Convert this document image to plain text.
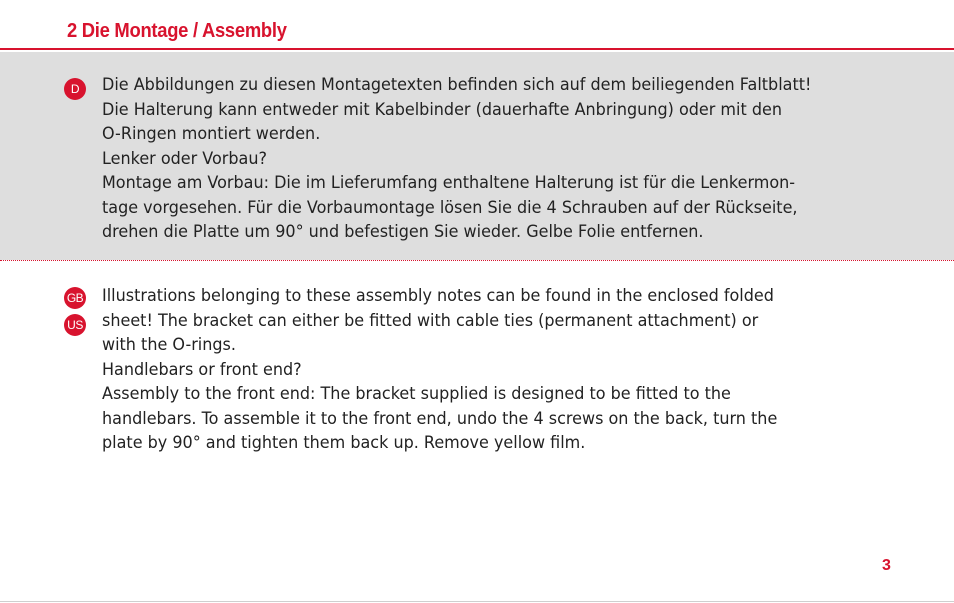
2 Die Montage / Assembly
D	Die Abbildungen zu diesen Montagetexten befinden sich auf dem beiliegenden Faltblatt!
Die Halterung kann entweder mit Kabelbinder (dauerhafte Anbringung) oder mit den
O-Ringen montiert werden.
Lenker oder Vorbau?
Montage am Vorbau: Die im Lieferumfang enthaltene Halterung ist für die Lenkermon-
tage vorgesehen. Für die Vorbaumontage lösen Sie die 4 Schrauben auf der Rückseite,
drehen die Platte um 90° und befestigen Sie wieder. Gelbe Folie entfernen.
GB
US
Illustrations belonging to these assembly notes can be found in the enclosed folded
sheet! The bracket can either be fitted with cable ties (permanent attachment) or
with the O-rings.
Handlebars or front end?
Assembly to the front end: The bracket supplied is designed to be fitted to the
handlebars. To assemble it to the front end, undo the 4 screws on the back, turn the
plate by 90° and tighten them back up. Remove yellow film.
3
